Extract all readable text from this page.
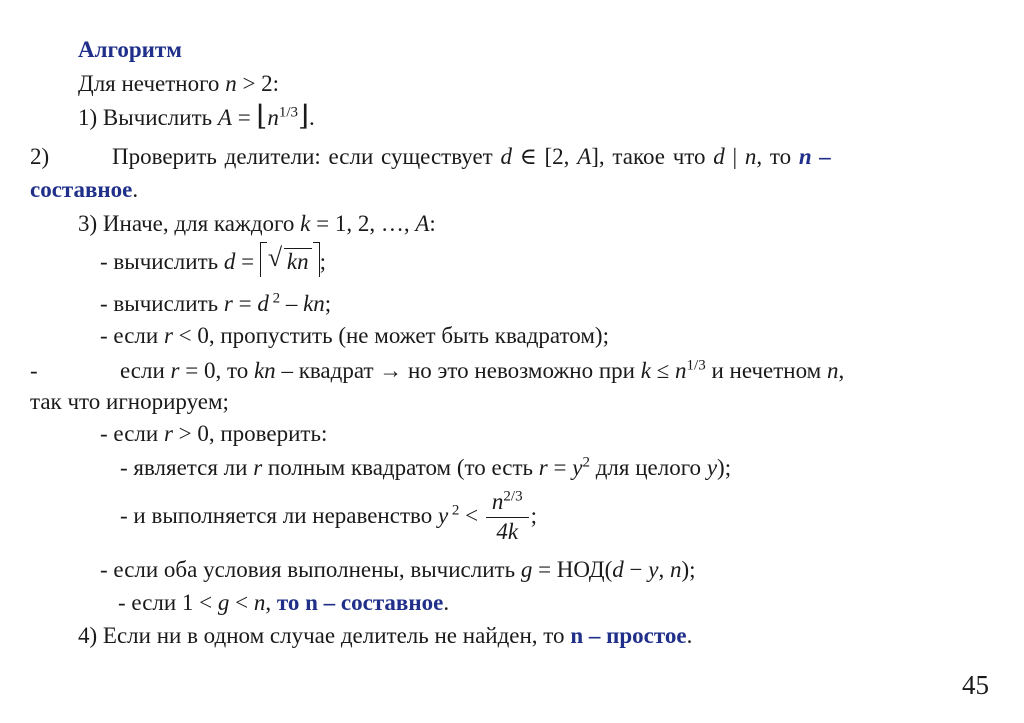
Алгоритм
Для нечетного n > 2:
1) Вычислить $A = ⌊n^{1/3}⌋$.
2)	Проверить делители: если существует d ∈ [2, A], такое что d | n, то n –
составное.
3) Иначе, для каждого k = 1, 2, …, A:
- вычислить d = √ kn ;
- вычислить r = d $^2$ – kn;
- если r < 0, пропустить (не может быть квадратом);
-	если r = 0, то kn – квадрат → но это невозможно при $k \le n^{1/3}$ и нечетном n,
так что игнорируем;
- если r > 0, проверить:
- является ли r полным квадратом (то есть $r = y^2$ для целого y);
- и выполняется ли неравенство y $^2 < \frac{n^{2/3}}{4k}$ ;
- если оба условия выполнены, вычислить g = НОД(d − y, n);
- если 1 < g < n, то n – составное.
4) Если ни в одном случае делитель не найден, то n – простое.
45
